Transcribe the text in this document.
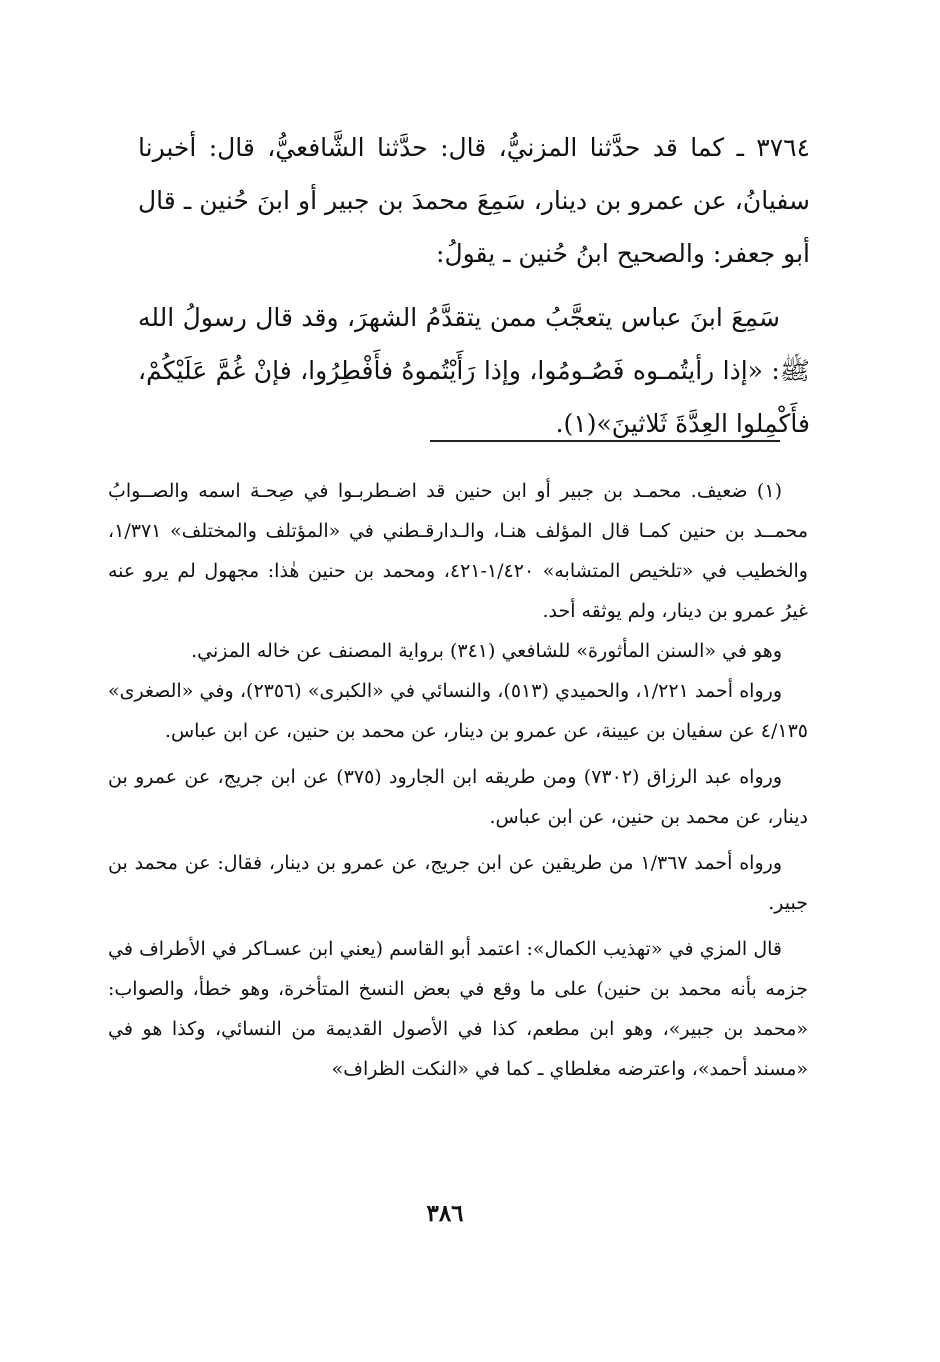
٣٧٦٤ ـ كما قد حدَّثنا المزنيُّ، قال: حدَّثنا الشَّافعيُّ، قال: أخبرنا سفيانُ، عن عمرو بن دينار، سَمِعَ محمدَ بن جبير أو ابنَ حُنين ـ قال أبو جعفر: والصحيح ابنُ حُنين ـ يقولُ:

سَمِعَ ابنَ عباس يتعجَّبُ ممن يتقدَّمُ الشهرَ، وقد قال رسولُ الله ﷺ: «إذا رأيتُمـوه فَصُـومُوا، وإذا رَأَيْتُموهُ فأَفْطِرُوا، فإنْ غُمَّ عَلَيْكُمْ، فأَكْمِلوا العِدَّةَ ثَلاثينَ»(١).

(١) ضعيف. محمـد بن جبير أو ابن حنين قد اضـطربـوا في صِحـة اسمه والصــوابُ محمــد بن حنين كمـا قال المؤلف هنـا، والـدارقـطني في «المؤتلف والمختلف» ١/٣٧١، والخطيب في «تلخيص المتشابه» ١/٤٢٠-٤٢١، ومحمد بن حنين هٰذا: مجهول لم يرو عنه غيرُ عمرو بن دينار، ولم يوثقه أحد.

وهو في «السنن المأثورة» للشافعي (٣٤١) برواية المصنف عن خاله المزني.

ورواه أحمد ١/٢٢١، والحميدي (٥١٣)، والنسائي في «الكبرى» (٢٣٥٦)، وفي «الصغرى» ٤/١٣٥ عن سفيان بن عيينة، عن عمرو بن دينار، عن محمد بن حنين، عن ابن عباس.

ورواه عبد الرزاق (٧٣٠٢) ومن طريقه ابن الجارود (٣٧٥) عن ابن جريج، عن عمرو بن دينار، عن محمد بن حنين، عن ابن عباس.

ورواه أحمد ١/٣٦٧ من طريقين عن ابن جريج، عن عمرو بن دينار، فقال: عن محمد بن جبير.

قال المزي في «تهذيب الكمال»: اعتمد أبو القاسم (يعني ابن عسـاكر في الأطراف في جزمه بأنه محمد بن حنين) على ما وقع في بعض النسخ المتأخرة، وهو خطأ، والصواب: «محمد بن جبير»، وهو ابن مطعم، كذا في الأصول القديمة من النسائي، وكذا هو في «مسند أحمد»، واعترضه مغلطاي ـ كما في «النكت الظراف»

٣٨٦
